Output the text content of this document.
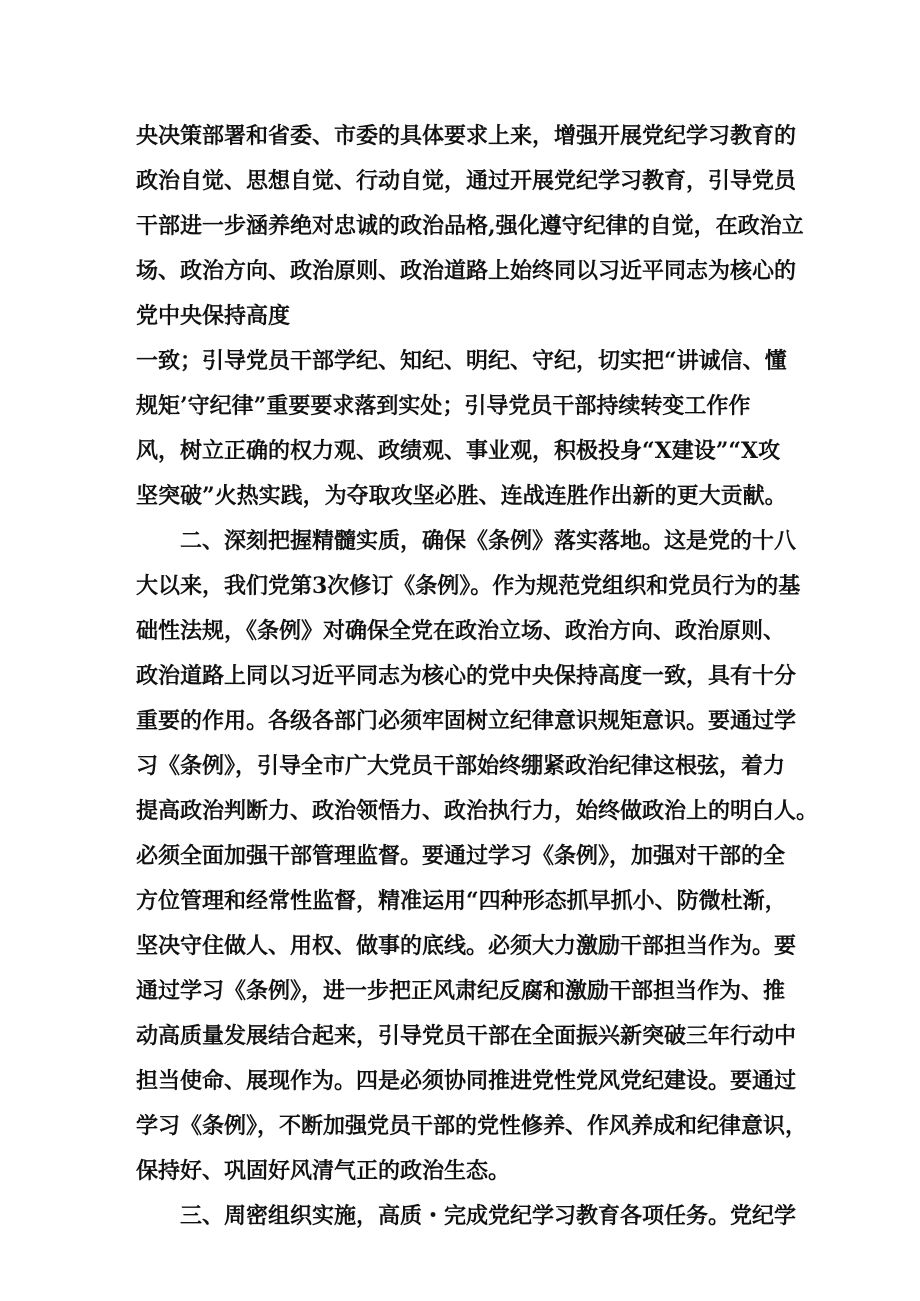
央决策部署和省委、市委的具体要求上来，增强开展党纪学习教育的
政治自觉、思想自觉、行动自觉，通过开展党纪学习教育，引导党员
干部进一步涵养绝对忠诚的政治品格,强化遵守纪律的自觉，在政治立
场、政治方向、政治原则、政治道路上始终同以习近平同志为核心的
党中央保持高度
一致；引导党员干部学纪、知纪、明纪、守纪，切实把“讲诚信、懂
规矩’守纪律”重要要求落到实处；引导党员干部持续转变工作作
风，树立正确的权力观、政绩观、事业观，积极投身“X建设”“X攻
坚突破”火热实践，为夺取攻坚必胜、连战连胜作出新的更大贡献。
　　二、深刻把握精髓实质，确保《条例》落实落地。这是党的十八
大以来，我们党第3次修订《条例》。作为规范党组织和党员行为的基
础性法规，《条例》对确保全党在政治立场、政治方向、政治原则、
政治道路上同以习近平同志为核心的党中央保持高度一致，具有十分
重要的作用。各级各部门必须牢固树立纪律意识规矩意识。要通过学
习《条例》，引导全市广大党员干部始终绷紧政治纪律这根弦，着力
提高政治判断力、政治领悟力、政治执行力，始终做政治上的明白人。
必须全面加强干部管理监督。要通过学习《条例》，加强对干部的全
方位管理和经常性监督，精准运用“四种形态抓早抓小、防微杜渐，
坚决守住做人、用权、做事的底线。必须大力激励干部担当作为。要
通过学习《条例》，进一步把正风肃纪反腐和激励干部担当作为、推
动高质量发展结合起来，引导党员干部在全面振兴新突破三年行动中
担当使命、展现作为。四是必须协同推进党性党风党纪建设。要通过
学习《条例》，不断加强党员干部的党性修养、作风养成和纪律意识，
保持好、巩固好风清气正的政治生态。
　　三、周密组织实施，高质・完成党纪学习教育各项任务。党纪学
